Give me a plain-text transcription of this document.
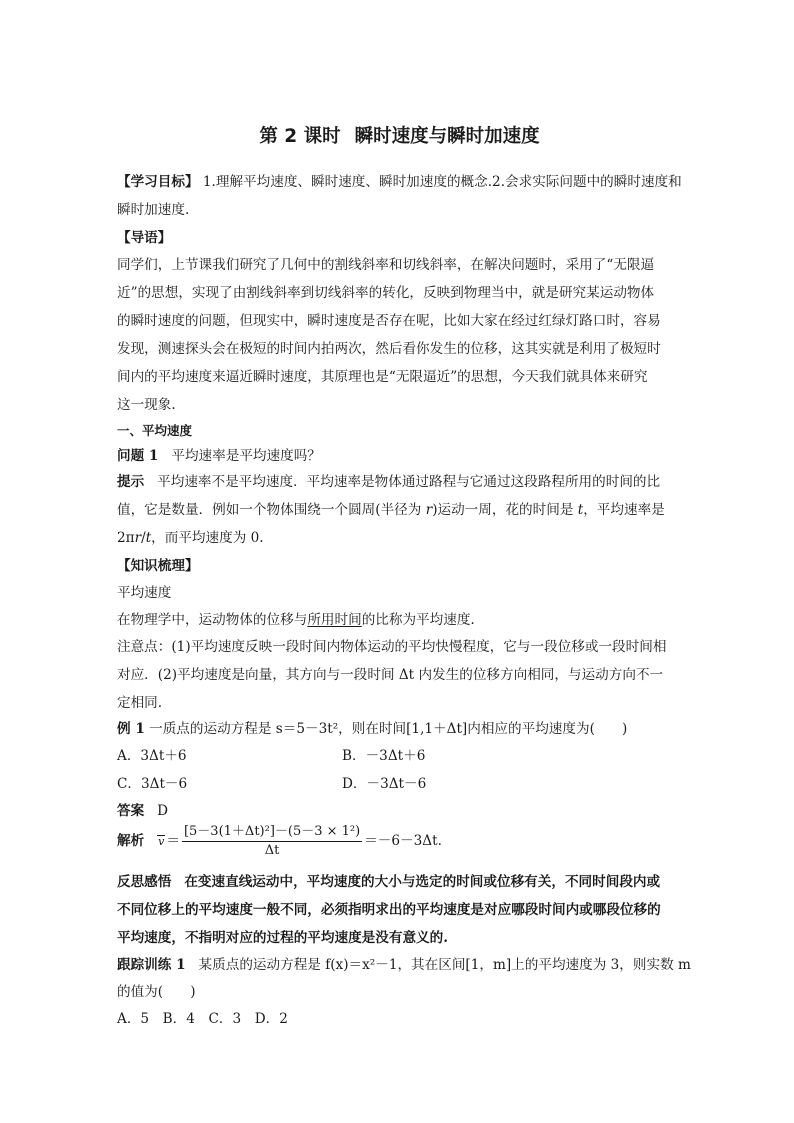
第 2 课时 瞬时速度与瞬时加速度
【学习目标】 1.理解平均速度、瞬时速度、瞬时加速度的概念.2.会求实际问题中的瞬时速度和
瞬时加速度.
【导语】
同学们，上节课我们研究了几何中的割线斜率和切线斜率，在解决问题时，采用了“无限逼
近”的思想，实现了由割线斜率到切线斜率的转化，反映到物理当中，就是研究某运动物体
的瞬时速度的问题，但现实中，瞬时速度是否存在呢，比如大家在经过红绿灯路口时，容易
发现，测速探头会在极短的时间内拍两次，然后看你发生的位移，这其实就是利用了极短时
间内的平均速度来逼近瞬时速度，其原理也是“无限逼近”的思想，今天我们就具体来研究
这一现象.
一、平均速度
问题 1 平均速率是平均速度吗？
提示 平均速率不是平均速度．平均速率是物体通过路程与它通过这段路程所用的时间的比
值，它是数量．例如一个物体围绕一个圆周(半径为 r)运动一周，花的时间是 t，平均速率是
2πr/t，而平均速度为 0.
【知识梳理】
平均速度
在物理学中，运动物体的位移与所用时间的比称为平均速度.
注意点：(1)平均速度反映一段时间内物体运动的平均快慢程度，它与一段位移或一段时间相
对应．(2)平均速度是向量，其方向与一段时间 Δt 内发生的位移方向相同，与运动方向不一
定相同.
例 1 一质点的运动方程是 s＝5－3t²，则在时间[1,1＋Δt]内相应的平均速度为(　　)
A．3Δt＋6	B．－3Δt＋6
C．3Δt－6	D．－3Δt－6
答案 D
解析 $v = \frac{\text{[5－3(1＋Δt)²]－(5－3 × 1²)}}{\Delta t} =-6-3\Delta t$.
反思感悟 在变速直线运动中，平均速度的大小与选定的时间或位移有关，不同时间段内或
不同位移上的平均速度一般不同，必须指明求出的平均速度是对应哪段时间内或哪段位移的
平均速度，不指明对应的过程的平均速度是没有意义的.
跟踪训练 1 某质点的运动方程是 f(x)＝x²－1，其在区间[1，m]上的平均速度为 3，则实数 m
的值为(　　)
A．5　B．4　C．3　D．2
